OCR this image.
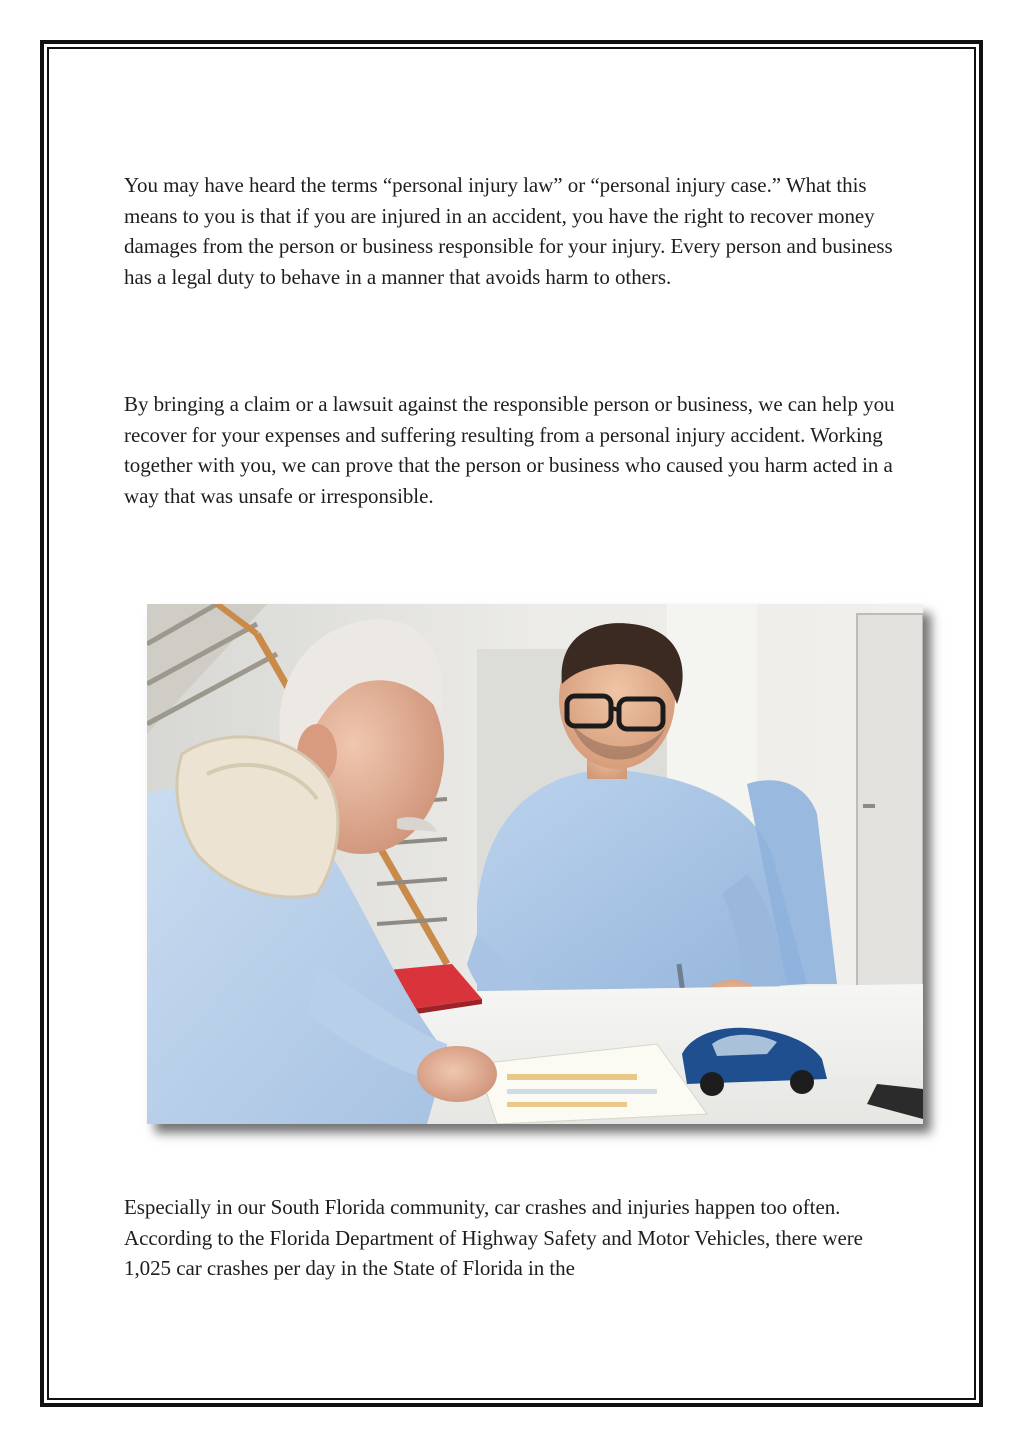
You may have heard the terms “personal injury law” or “personal injury case.” What this means to you is that if you are injured in an accident, you have the right to recover money damages from the person or business responsible for your injury. Every person and business has a legal duty to behave in a manner that avoids harm to others.

By bringing a claim or a lawsuit against the responsible person or business, we can help you recover for your expenses and suffering resulting from a personal injury accident. Working together with you, we can prove that the person or business who caused you harm acted in a way that was unsafe or irresponsible.

Especially in our South Florida community, car crashes and injuries happen too often. According to the Florida Department of Highway Safety and Motor Vehicles, there were 1,025 car crashes per day in the State of Florida in the
